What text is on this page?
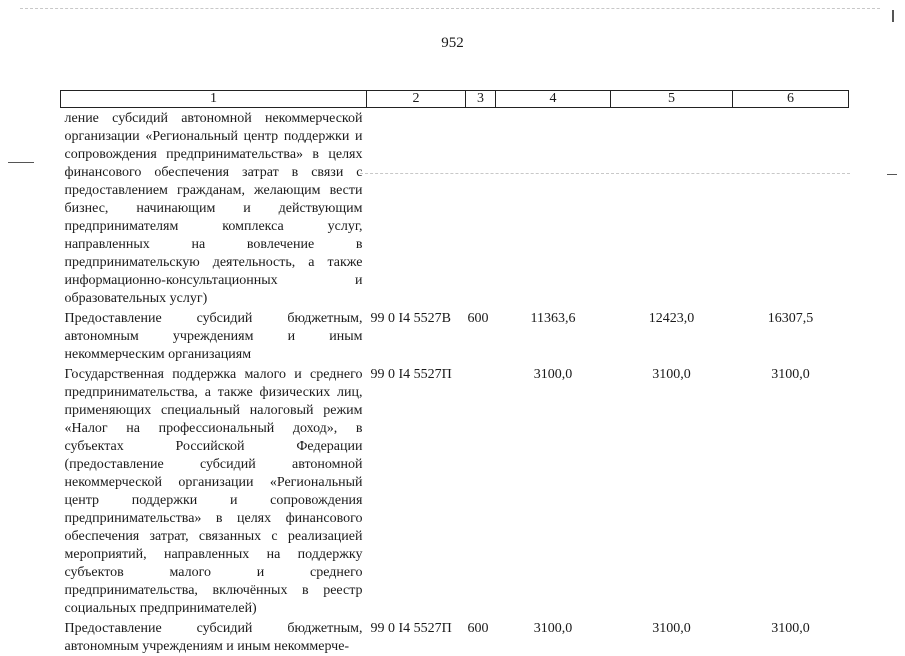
952
1	2	3	4	5	6
ление субсидий автономной некоммерческой организации «Региональный центр поддержки и сопровождения предпринимательства» в целях финансового обеспечения затрат в связи с предоставлением гражданам, желающим вести бизнес, начинающим и действующим предпринимателям комплекса услуг, направленных на вовлечение в предпринимательскую деятельность, а также информационно-консультационных и образовательных услуг)					
Предоставление субсидий бюджетным, автономным учреждениям и иным некоммерческим организациям	99 0 I4 5527B	600	11363,6	12423,0	16307,5
Государственная поддержка малого и среднего предпринимательства, а также физических лиц, применяющих специальный налоговый режим «Налог на профессиональный доход», в субъектах Российской Федерации (предоставление субсидий автономной некоммерческой организации «Региональный центр поддержки и сопровождения предпринимательства» в целях финансового обеспечения затрат, связанных с реализацией мероприятий, направленных на поддержку субъектов малого и среднего предпринимательства, включённых в реестр социальных предпринимателей)	99 0 I4 5527П		3100,0	3100,0	3100,0
Предоставление субсидий бюджетным, автономным учреждениям и иным некоммерче-	99 0 I4 5527П	600	3100,0	3100,0	3100,0
